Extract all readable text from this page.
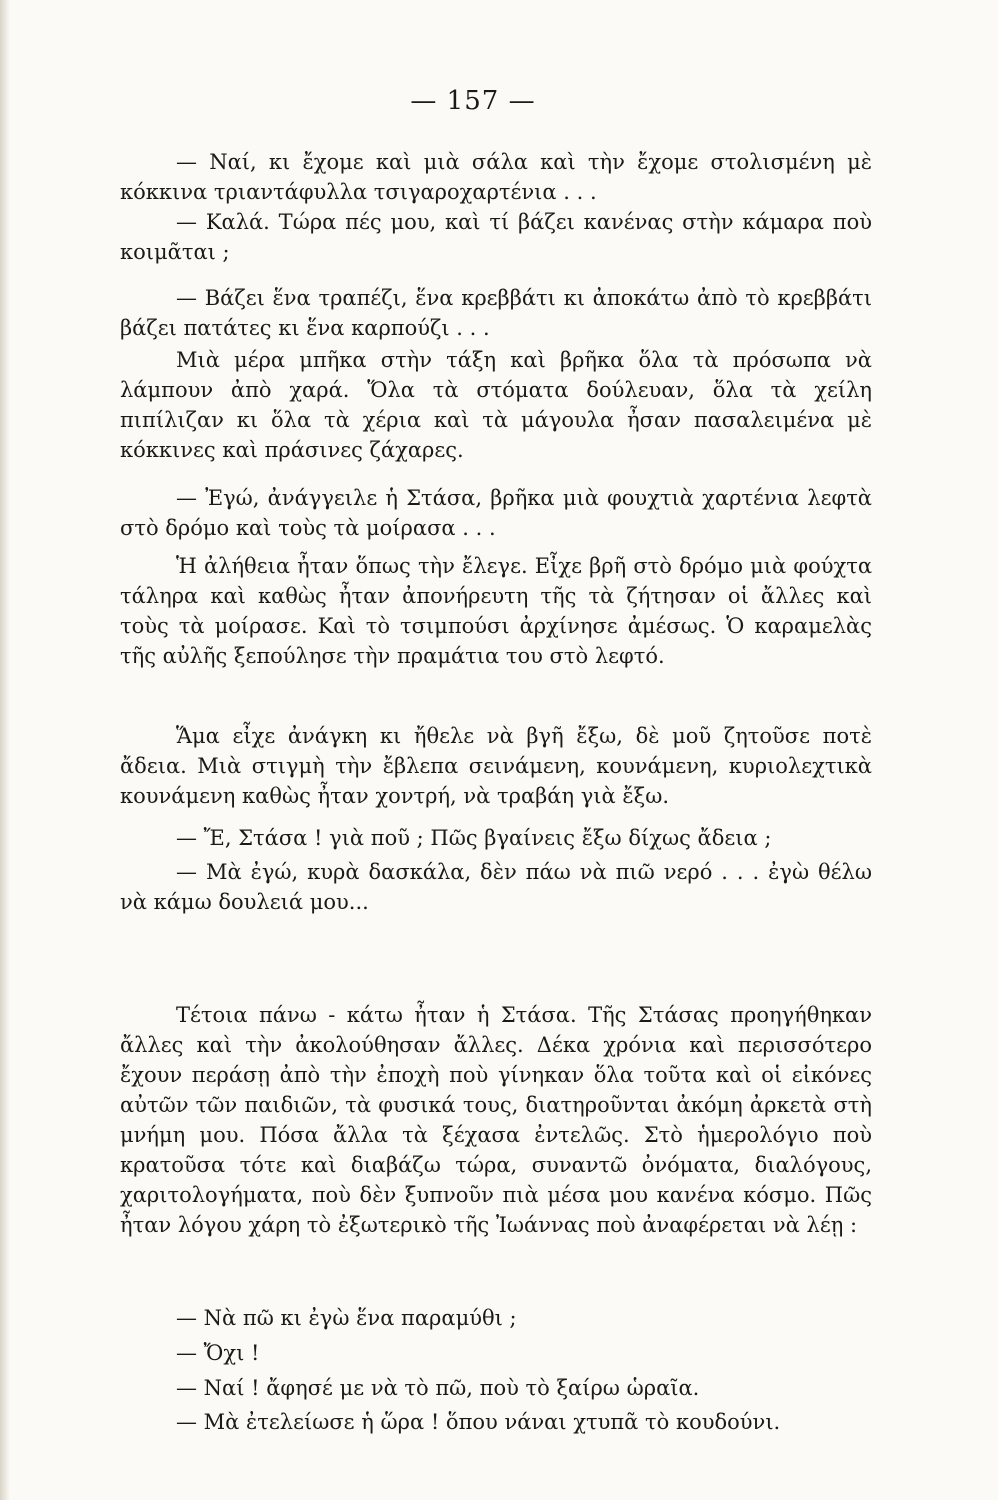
— 157 —

— Ναί, κι ἔχομε καὶ μιὰ σάλα καὶ τὴν ἔχομε στολισμένη μὲ κόκκινα τριαντάφυλλα τσιγαροχαρτένια . . .

— Καλά. Τώρα πές μου, καὶ τί βάζει κανένας στὴν κάμαρα ποὺ κοιμᾶται ;

— Βάζει ἕνα τραπέζι, ἕνα κρεββάτι κι ἀποκάτω ἀπὸ τὸ κρεββάτι βάζει πατάτες κι ἕνα καρπούζι . . .

Μιὰ μέρα μπῆκα στὴν τάξη καὶ βρῆκα ὅλα τὰ πρόσωπα νὰ λάμπουν ἀπὸ χαρά. Ὅλα τὰ στόματα δούλευαν, ὅλα τὰ χείλη πιπίλιζαν κι ὅλα τὰ χέρια καὶ τὰ μάγουλα ἦσαν πασαλειμένα μὲ κόκκινες καὶ πράσινες ζάχαρες.

— Ἐγώ, ἀνάγγειλε ἡ Στάσα, βρῆκα μιὰ φουχτιὰ χαρτένια λεφτὰ στὸ δρόμο καὶ τοὺς τὰ μοίρασα . . .

Ἡ ἀλήθεια ἦταν ὅπως τὴν ἔλεγε. Εἶχε βρῆ στὸ δρόμο μιὰ φούχτα τάληρα καὶ καθὼς ἦταν ἀπονήρευτη τῆς τὰ ζήτησαν οἱ ἄλλες καὶ τοὺς τὰ μοίρασε. Καὶ τὸ τσιμπούσι ἀρχίνησε ἀμέσως. Ὁ καραμελὰς τῆς αὐλῆς ξεπούλησε τὴν πραμάτια του στὸ λεφτό.

Ἅμα εἶχε ἀνάγκη κι ἤθελε νὰ βγῆ ἔξω, δὲ μοῦ ζητοῦσε ποτὲ ἄδεια. Μιὰ στιγμὴ τὴν ἔβλεπα σεινάμενη, κουνάμενη, κυριολεχτικὰ κουνάμενη καθὼς ἦταν χοντρή, νὰ τραβάη γιὰ ἔξω.

— Ἔ, Στάσα ! γιὰ ποῦ ; Πῶς βγαίνεις ἔξω δίχως ἄδεια ;

— Μὰ ἐγώ, κυρὰ δασκάλα, δὲν πάω νὰ πιῶ νερό . . . ἐγὼ θέλω νὰ κάμω δουλειά μου...

Τέτοια πάνω - κάτω ἦταν ἡ Στάσα. Τῆς Στάσας προηγήθηκαν ἄλλες καὶ τὴν ἀκολούθησαν ἄλλες. Δέκα χρόνια καὶ περισσότερο ἔχουν περάσῃ ἀπὸ τὴν ἐποχὴ ποὺ γίνηκαν ὅλα τοῦτα καὶ οἱ εἰκόνες αὐτῶν τῶν παιδιῶν, τὰ φυσικά τους, διατηροῦνται ἀκόμη ἀρκετὰ στὴ μνήμη μου. Πόσα ἄλλα τὰ ξέχασα ἐντελῶς. Στὸ ἡμερολόγιο ποὺ κρατοῦσα τότε καὶ διαβάζω τώρα, συναντῶ ὀνόματα, διαλόγους, χαριτολογήματα, ποὺ δὲν ξυπνοῦν πιὰ μέσα μου κανένα κόσμο. Πῶς ἦταν λόγου χάρη τὸ ἐξωτερικὸ τῆς Ἰωάννας ποὺ ἀναφέρεται νὰ λέῃ :

— Νὰ πῶ κι ἐγὼ ἕνα παραμύθι ;

— Ὄχι !

— Ναί ! ἄφησέ με νὰ τὸ πῶ, ποὺ τὸ ξαίρω ὡραῖα.

— Μὰ ἐτελείωσε ἡ ὥρα ! ὅπου νάναι χτυπᾶ τὸ κουδούνι.
